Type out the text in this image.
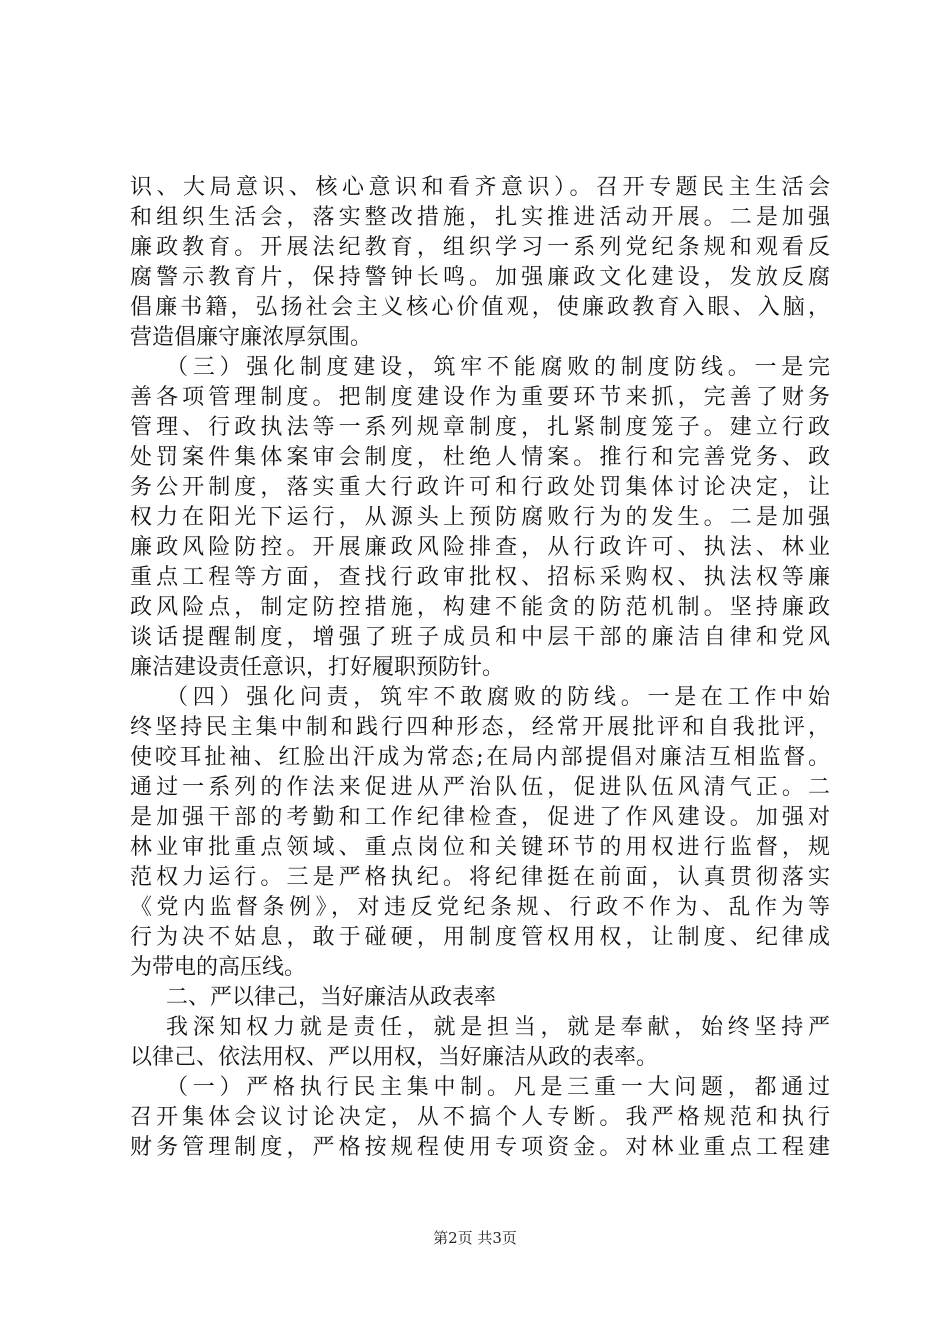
识、大局意识、核心意识和看齐意识）。召开专题民主生活会
和组织生活会，落实整改措施，扎实推进活动开展。二是加强
廉政教育。开展法纪教育，组织学习一系列党纪条规和观看反
腐警示教育片，保持警钟长鸣。加强廉政文化建设，发放反腐
倡廉书籍，弘扬社会主义核心价值观，使廉政教育入眼、入脑，
营造倡廉守廉浓厚氛围。
（三）强化制度建设，筑牢不能腐败的制度防线。一是完
善各项管理制度。把制度建设作为重要环节来抓，完善了财务
管理、行政执法等一系列规章制度，扎紧制度笼子。建立行政
处罚案件集体案审会制度，杜绝人情案。推行和完善党务、政
务公开制度，落实重大行政许可和行政处罚集体讨论决定，让
权力在阳光下运行，从源头上预防腐败行为的发生。二是加强
廉政风险防控。开展廉政风险排查，从行政许可、执法、林业
重点工程等方面，查找行政审批权、招标采购权、执法权等廉
政风险点，制定防控措施，构建不能贪的防范机制。坚持廉政
谈话提醒制度，增强了班子成员和中层干部的廉洁自律和党风
廉洁建设责任意识，打好履职预防针。
（四）强化问责，筑牢不敢腐败的防线。一是在工作中始
终坚持民主集中制和践行四种形态，经常开展批评和自我批评，
使咬耳扯袖、红脸出汗成为常态;在局内部提倡对廉洁互相监督。
通过一系列的作法来促进从严治队伍，促进队伍风清气正。二
是加强干部的考勤和工作纪律检查，促进了作风建设。加强对
林业审批重点领域、重点岗位和关键环节的用权进行监督，规
范权力运行。三是严格执纪。将纪律挺在前面，认真贯彻落实
《党内监督条例》，对违反党纪条规、行政不作为、乱作为等
行为决不姑息，敢于碰硬，用制度管权用权，让制度、纪律成
为带电的高压线。
二、严以律己，当好廉洁从政表率
我深知权力就是责任，就是担当，就是奉献，始终坚持严
以律己、依法用权、严以用权，当好廉洁从政的表率。
（一）严格执行民主集中制。凡是三重一大问题，都通过
召开集体会议讨论决定，从不搞个人专断。我严格规范和执行
财务管理制度，严格按规程使用专项资金。对林业重点工程建
第2页 共3页
